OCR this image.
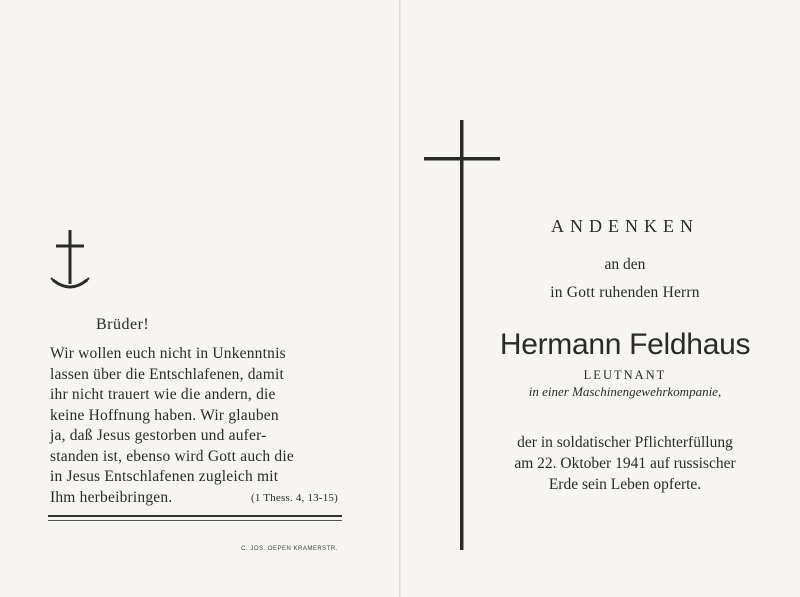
Brüder!
Wir wollen euch nicht in Unkenntnis
lassen über die Entschlafenen, damit
ihr nicht trauert wie die andern, die
keine Hoffnung haben. Wir glauben
ja, daß Jesus gestorben und aufer-
standen ist, ebenso wird Gott auch die
in Jesus Entschlafenen zugleich mit
Ihm herbeibringen.	(1 Thess. 4, 13-15)
C. JOS. OEPEN KRAMERSTR.
ANDENKEN
an den
in Gott ruhenden Herrn
Hermann Feldhaus
LEUTNANT
in einer Maschinengewehrkompanie,
der in soldatischer Pflichterfüllung
am 22. Oktober 1941 auf russischer
Erde sein Leben opferte.
